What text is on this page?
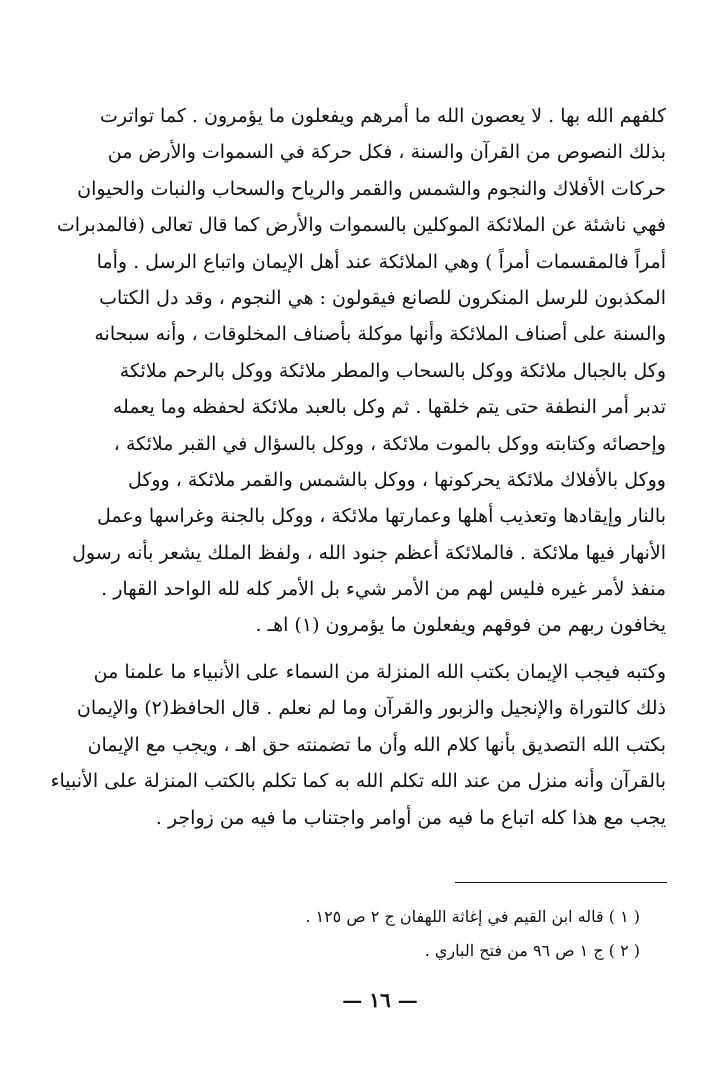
كلفهم الله بها . لا يعصون الله ما أمرهم ويفعلون ما يؤمرون . كما تواترت
بذلك النصوص من القرآن والسنة ، فكل حركة في السموات والأرض من
حركات الأفلاك والنجوم والشمس والقمر والرياح والسحاب والنبات والحيوان
فهي ناشئة عن الملائكة الموكلين بالسموات والأرض كما قال تعالى (فالمدبرات
أمراً فالمقسمات أمراً ) وهي الملائكة عند أهل الإيمان واتباع الرسل . وأما
المكذبون للرسل المنكرون للصانع فيقولون : هي النجوم ، وقد دل الكتاب
والسنة على أصناف الملائكة وأنها موكلة بأصناف المخلوقات ، وأنه سبحانه
وكل بالجبال ملائكة ووكل بالسحاب والمطر ملائكة ووكل بالرحم ملائكة
تدبر أمر النطفة حتى يتم خلقها . ثم وكل بالعبد ملائكة لحفظه وما يعمله
وإحصائه وكتابته ووكل بالموت ملائكة ، ووكل بالسؤال في القبر ملائكة ،
ووكل بالأفلاك ملائكة يحركونها ، ووكل بالشمس والقمر ملائكة ، ووكل
بالنار وإيقادها وتعذيب أهلها وعمارتها ملائكة ، ووكل بالجنة وغراسها وعمل
الأنهار فيها ملائكة . فالملائكة أعظم جنود الله ، ولفظ الملك يشعر بأنه رسول
منفذ لأمر غيره فليس لهم من الأمر شيء بل الأمر كله لله الواحد القهار .
يخافون ربهم من فوقهم ويفعلون ما يؤمرون (١) اهـ .
وكتبه فيجب الإيمان بكتب الله المنزلة من السماء على الأنبياء ما علمنا من
ذلك كالتوراة والإنجيل والزبور والقرآن وما لم نعلم . قال الحافظ(٢) والإيمان
بكتب الله التصديق بأنها كلام الله وأن ما تضمنته حق اهـ ، ويجب مع الإيمان
بالقرآن وأنه منزل من عند الله تكلم الله به كما تكلم بالكتب المنزلة على الأنبياء
يجب مع هذا كله اتباع ما فيه من أوامر واجتناب ما فيه من زواجر .
( ١ ) قاله ابن القيم في إغاثة اللهفان ج ٢ ص ١٢٥ .
( ٢ ) ج ١ ص ٩٦ من فتح الباري .
— ١٦ —
